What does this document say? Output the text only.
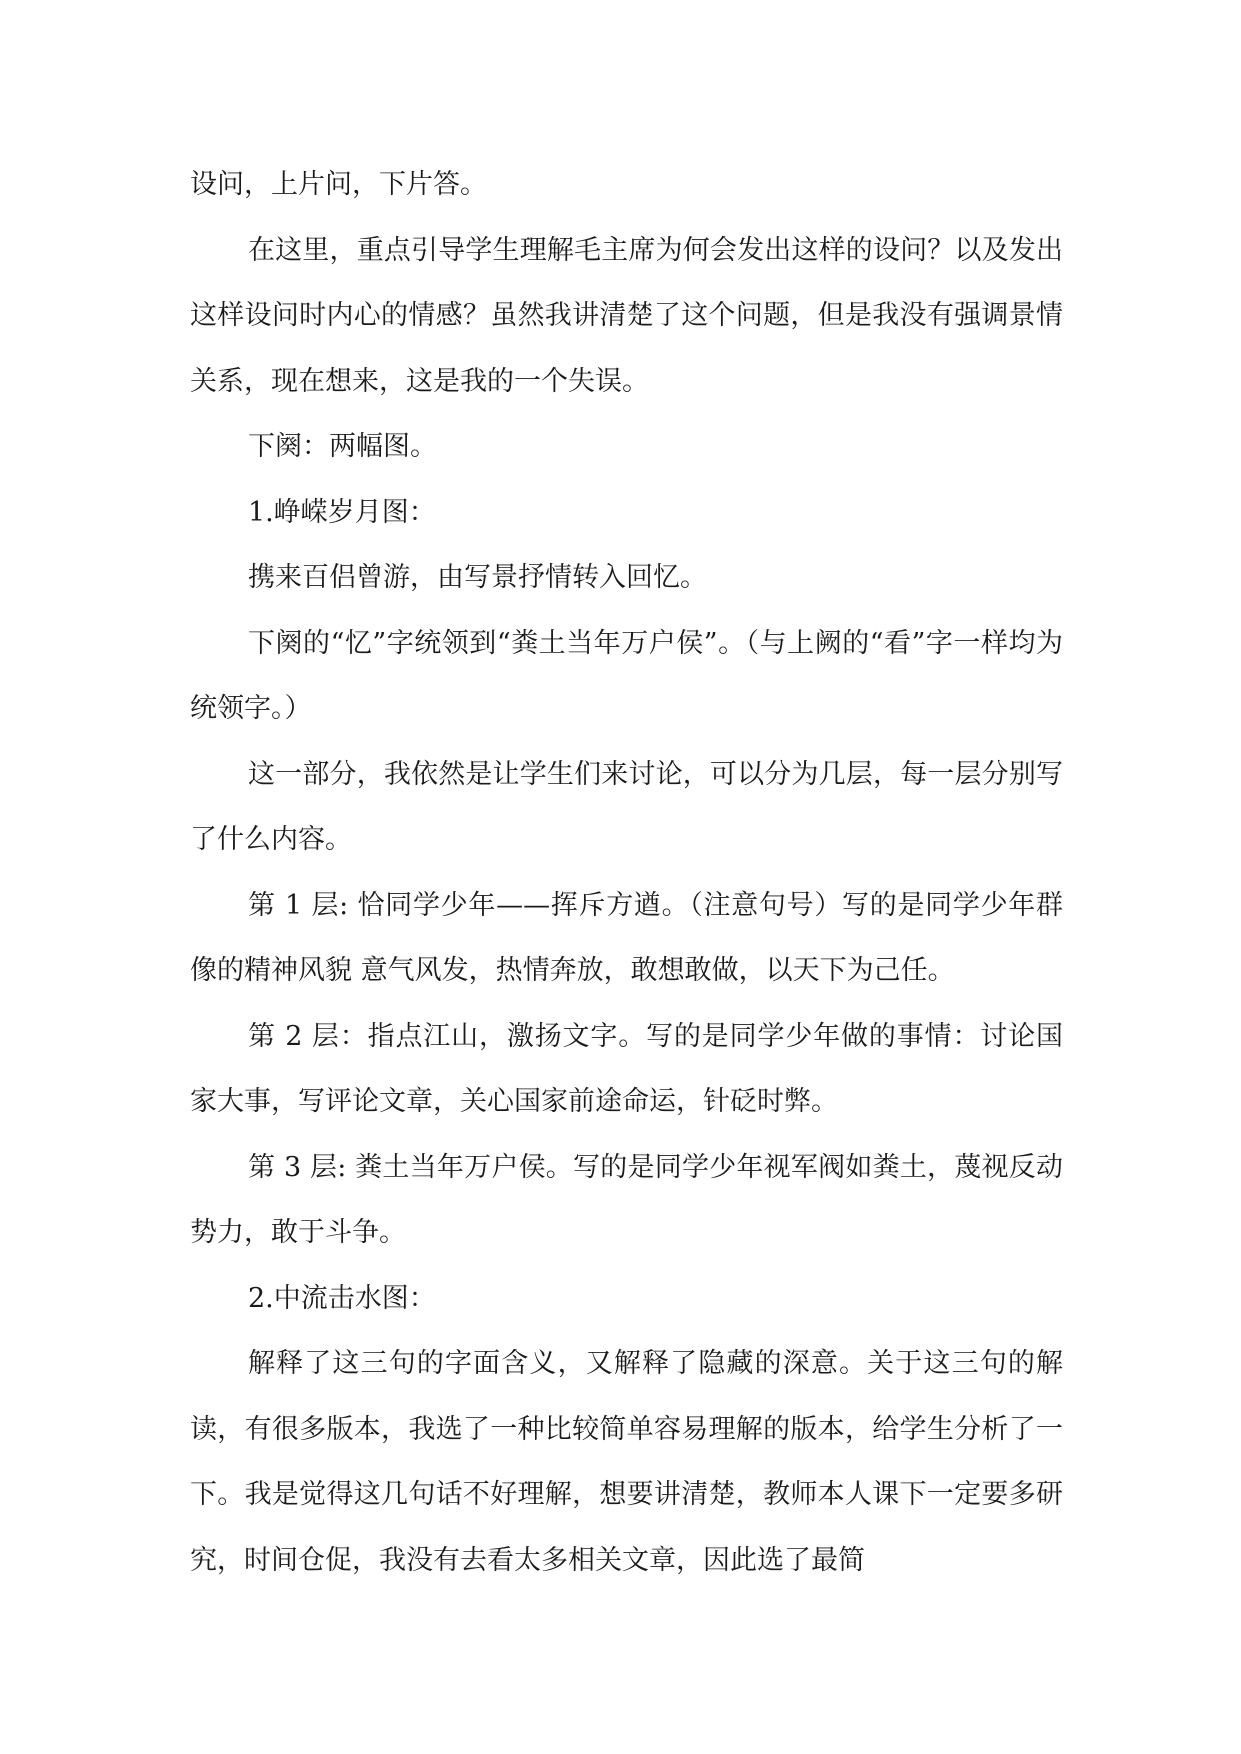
设问，上片问，下片答。

在这里，重点引导学生理解毛主席为何会发出这样的设问？以及发出这样设问时内心的情感？虽然我讲清楚了这个问题，但是我没有强调景情关系，现在想来，这是我的一个失误。

下阕：两幅图。

1.峥嵘岁月图：

携来百侣曾游，由写景抒情转入回忆。

下阕的“忆”字统领到“粪土当年万户侯”。（与上阙的“看”字一样均为统领字。）

这一部分，我依然是让学生们来讨论，可以分为几层，每一层分别写了什么内容。

第 1 层: 恰同学少年——挥斥方遒。（注意句号）写的是同学少年群像的精神风貌 意气风发，热情奔放，敢想敢做，以天下为己任。

第 2 层：指点江山，激扬文字。写的是同学少年做的事情：讨论国家大事，写评论文章，关心国家前途命运，针砭时弊。

第 3 层: 粪土当年万户侯。写的是同学少年视军阀如粪土，蔑视反动势力，敢于斗争。

2.中流击水图：

解释了这三句的字面含义，又解释了隐藏的深意。关于这三句的解读，有很多版本，我选了一种比较简单容易理解的版本，给学生分析了一下。我是觉得这几句话不好理解，想要讲清楚，教师本人课下一定要多研究，时间仓促，我没有去看太多相关文章，因此选了最简
